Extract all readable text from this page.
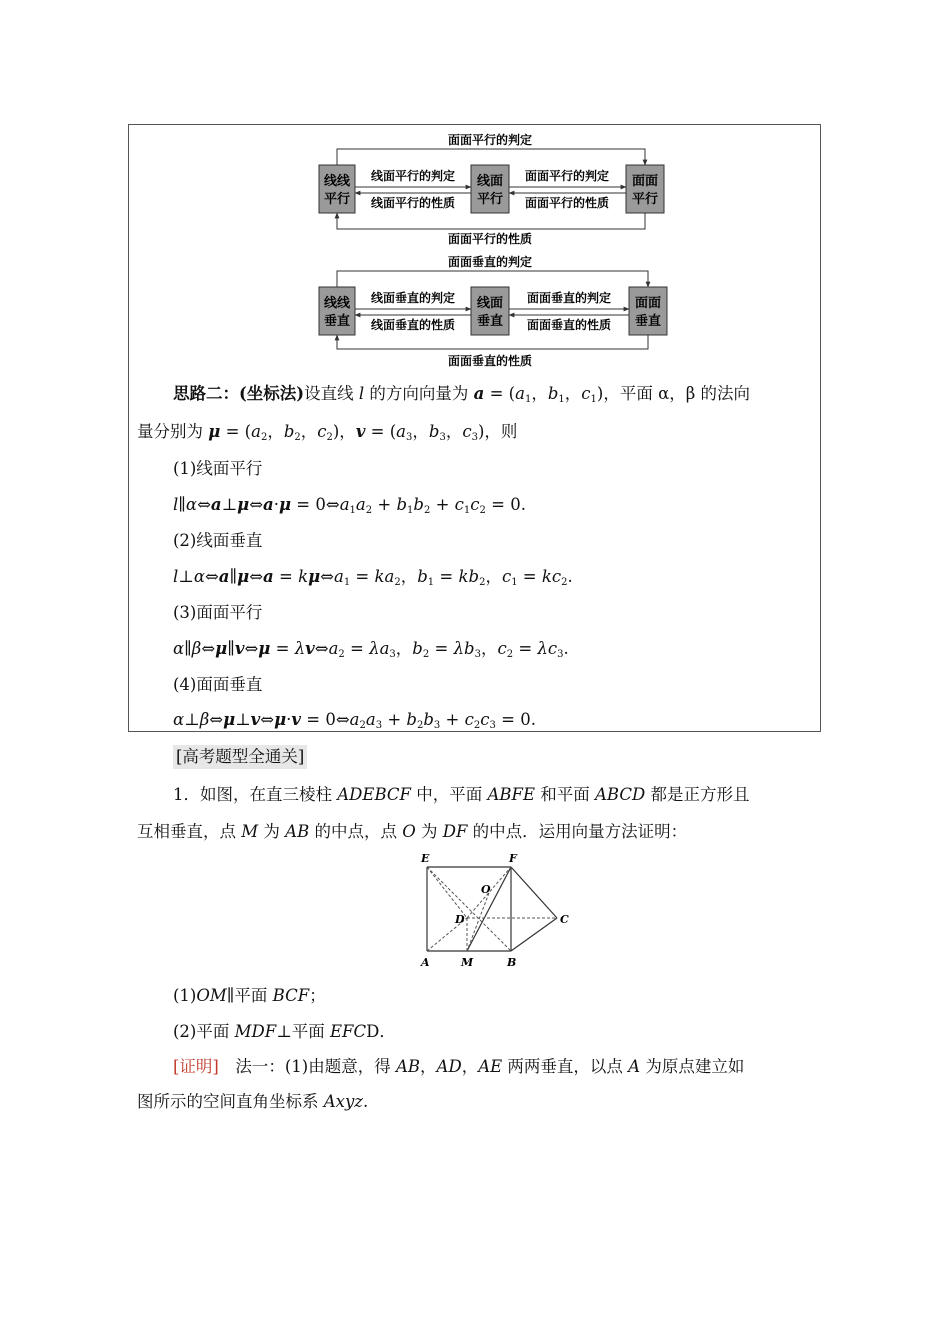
线线
平行
线面
平行
面面
平行
线面平行的判定
线面平行的性质
面面平行的判定
面面平行的性质
面面平行的判定
面面平行的性质
线线
垂直
线面
垂直
面面
垂直
线面垂直的判定
线面垂直的性质
面面垂直的判定
面面垂直的性质
面面垂直的判定
面面垂直的性质
思路二：(坐标法)设直线 l 的方向向量为 $a = (a_1$，$b_1$，$c_1$)，平面 α，β 的法向
量分别为 $\mu = (a_2$，$b_2$，$c_2$)，$v = (a_3$，$b_3$，$c_3$)，则
(1)线面平行
l∥α⇔a⊥μ⇔a·μ = $0\Leftrightarrow a_1a_2 + b_1b_2 + c_1c_2 = 0$.
(2)线面垂直
l⊥α⇔a∥μ⇔a = $k\mu\Leftrightarrow a_1 = ka_2$，$b_1 = kb_2$，$c_1 = kc_2$.
(3)面面平行
α∥β⇔μ∥v⇔μ = $\lambda v\Leftrightarrow a_2 = \lambda a_3$，$b_2 = \lambda b_3$，$c_2 = \lambda c_3$.
(4)面面垂直
α⊥β⇔μ⊥v⇔μ·v = $0\Leftrightarrow a_2a_3 + b_2b_3 + c_2c_3 = 0$.
[高考题型全通关]
1．如图，在直三棱柱 ADEBCF 中，平面 ABFE 和平面 ABCD 都是正方形且
互相垂直，点 M 为 AB 的中点，点 O 为 DF 的中点．运用向量方法证明：
E	F
O
D	C
A	M	B
(1)OM∥平面 BCF；
(2)平面 MDF⊥平面 EFCD．
[证明]　 法一：(1)由题意，得 AB，AD，AE 两两垂直，以点 A 为原点建立如
图所示的空间直角坐标系 Axyz.
